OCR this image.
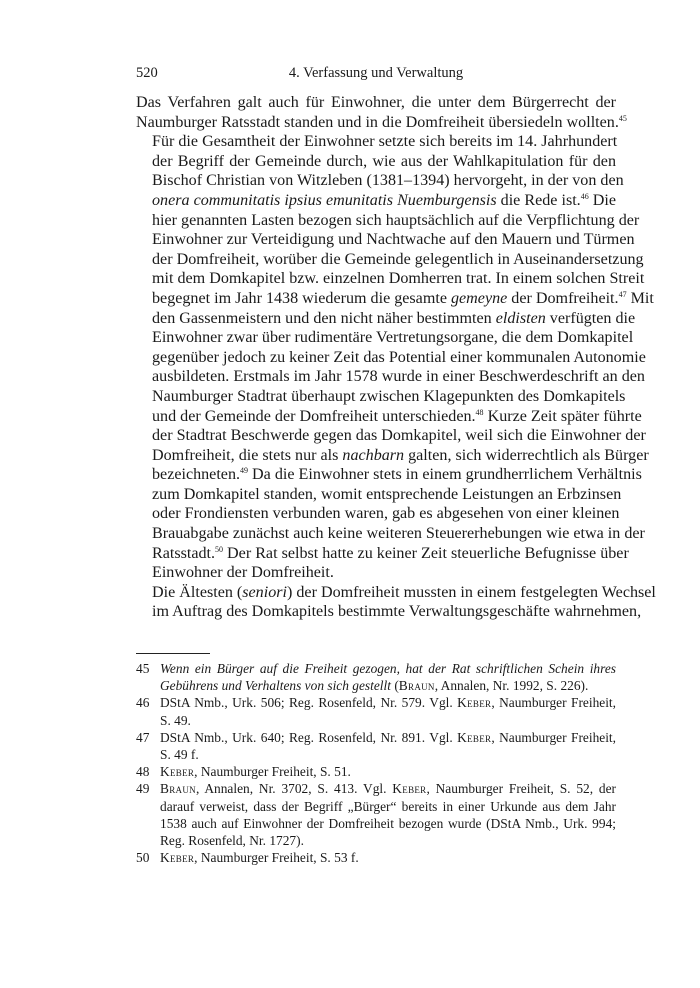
520	4. Verfassung und Verwaltung

Das Verfahren galt auch für Einwohner, die unter dem Bürgerrecht der
Naumburger Ratsstadt standen und in die Domfreiheit übersiedeln wollten.$^{45}$

Für die Gesamtheit der Einwohner setzte sich bereits im 14. Jahrhundert
der Begriff der Gemeinde durch, wie aus der Wahlkapitulation für den
Bischof Christian von Witzleben (1381–1394) hervorgeht, in der von den
onera communitatis ipsius emunitatis Nuemburgensis die Rede ist.$^{46}$ Die
hier genannten Lasten bezogen sich hauptsächlich auf die Verpflichtung der
Einwohner zur Verteidigung und Nachtwache auf den Mauern und Türmen
der Domfreiheit, worüber die Gemeinde gelegentlich in Auseinandersetzung
mit dem Domkapitel bzw. einzelnen Domherren trat. In einem solchen Streit
begegnet im Jahr 1438 wiederum die gesamte gemeyne der Domfreiheit.$^{47}$ Mit
den Gassenmeistern und den nicht näher bestimmten eldisten verfügten die
Einwohner zwar über rudimentäre Vertretungsorgane, die dem Domkapitel
gegenüber jedoch zu keiner Zeit das Potential einer kommunalen Autonomie
ausbildeten. Erstmals im Jahr 1578 wurde in einer Beschwerdeschrift an den
Naumburger Stadtrat überhaupt zwischen Klagepunkten des Domkapitels
und der Gemeinde der Domfreiheit unterschieden.$^{48}$ Kurze Zeit später führte
der Stadtrat Beschwerde gegen das Domkapitel, weil sich die Einwohner der
Domfreiheit, die stets nur als nachbarn galten, sich widerrechtlich als Bürger
bezeichneten.$^{49}$ Da die Einwohner stets in einem grundherrlichem Verhältnis
zum Domkapitel standen, womit entsprechende Leistungen an Erbzinsen
oder Frondiensten verbunden waren, gab es abgesehen von einer kleinen
Brauabgabe zunächst auch keine weiteren Steuererhebungen wie etwa in der
Ratsstadt.$^{50}$ Der Rat selbst hatte zu keiner Zeit steuerliche Befugnisse über
Einwohner der Domfreiheit.

Die Ältesten (seniori) der Domfreiheit mussten in einem festgelegten Wechsel
im Auftrag des Domkapitels bestimmte Verwaltungsgeschäfte wahrnehmen,

45 Wenn ein Bürger auf die Freiheit gezogen, hat der Rat schriftlichen Schein ihres
Gebührens und Verhaltens von sich gestellt (Braun, Annalen, Nr. 1992, S. 226).
46 DStA Nmb., Urk. 506; Reg. Rosenfeld, Nr. 579. Vgl. Keber, Naumburger Freiheit,
S. 49.
47 DStA Nmb., Urk. 640; Reg. Rosenfeld, Nr. 891. Vgl. Keber, Naumburger Freiheit,
S. 49 f.
48 Keber, Naumburger Freiheit, S. 51.
49 Braun, Annalen, Nr. 3702, S. 413. Vgl. Keber, Naumburger Freiheit, S. 52, der
darauf verweist, dass der Begriff „Bürger“ bereits in einer Urkunde aus dem Jahr
1538 auch auf Einwohner der Domfreiheit bezogen wurde (DStA Nmb., Urk. 994;
Reg. Rosenfeld, Nr. 1727).
50 Keber, Naumburger Freiheit, S. 53 f.
